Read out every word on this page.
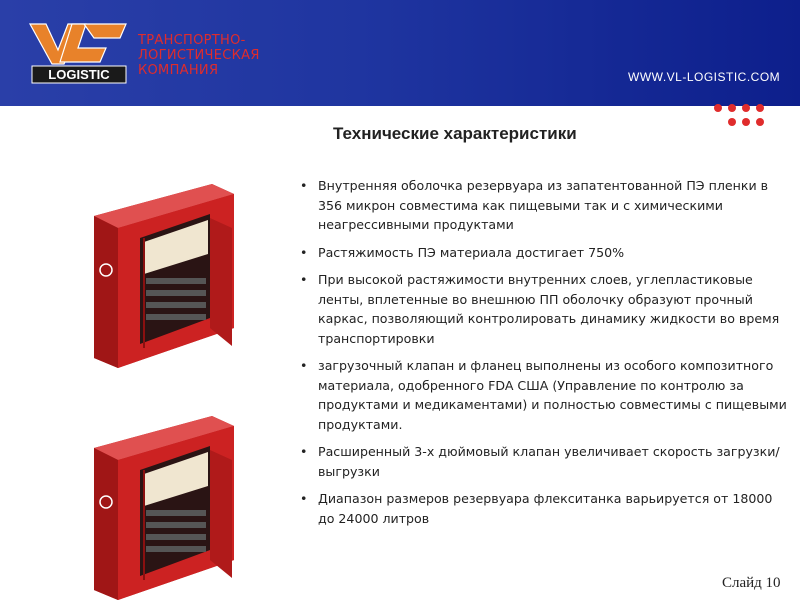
LOGISTIC
ТРАНСПОРТНО-
ЛОГИСТИЧЕСКАЯ
КОМПАНИЯ	WWW.VL-LOGISTIC.COM
Технические характеристики
• Внутренняя оболочка резервуара из запатентованной ПЭ пленки в 356 микрон совместима как пищевыми так и с химическими неагрессивными продуктами
• Растяжимость ПЭ материала достигает 750%
• При высокой растяжимости внутренних слоев, углепластиковые ленты, вплетенные во внешнюю ПП оболочку образуют прочный каркас, позволяющий контролировать динамику жидкости во время транспортировки
• загрузочный клапан и фланец выполнены из особого композитного материала, одобренного FDA США (Управление по контролю за продуктами и медикаментами) и полностью совместимы с пищевыми продуктами.
• Расширенный 3-х дюймовый клапан увеличивает скорость загрузки/выгрузки
• Диапазон размеров резервуара флекситанка варьируется от 18000 до 24000 литров
Слайд 10
